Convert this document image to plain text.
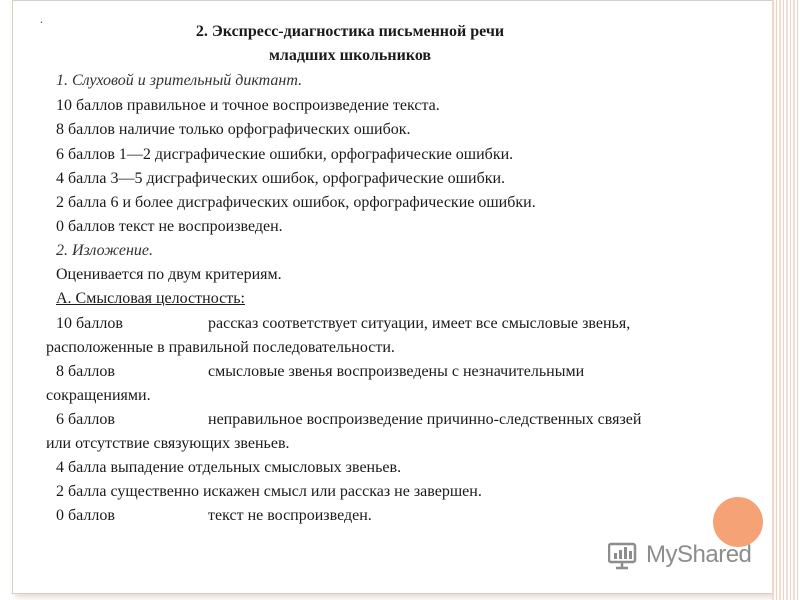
.
2. Экспресс-диагностика письменной речи
младших школьников
1. Слуховой и зрительный диктант.
10 баллов правильное и точное воспроизведение текста.
8 баллов наличие только орфографических ошибок.
6 баллов 1—2 дисграфические ошибки, орфографические ошибки.
4 балла 3—5 дисграфических ошибок, орфографические ошибки.
2 балла 6 и более дисграфических ошибок, орфографические ошибки.
0 баллов текст не воспроизведен.
2. Изложение.
Оценивается по двум критериям.
А. Смысловая целостность:
10 баллов	рассказ соответствует ситуации, имеет все смысловые звенья,
расположенные в правильной последовательности.
8 баллов	смысловые звенья воспроизведены с незначительными
сокращениями.
6 баллов	неправильное воспроизведение причинно-следственных связей
или отсутствие связующих звеньев.
4 балла выпадение отдельных смысловых звеньев.
2 балла существенно искажен смысл или рассказ не завершен.
0 баллов	текст не воспроизведен.
MyShared
